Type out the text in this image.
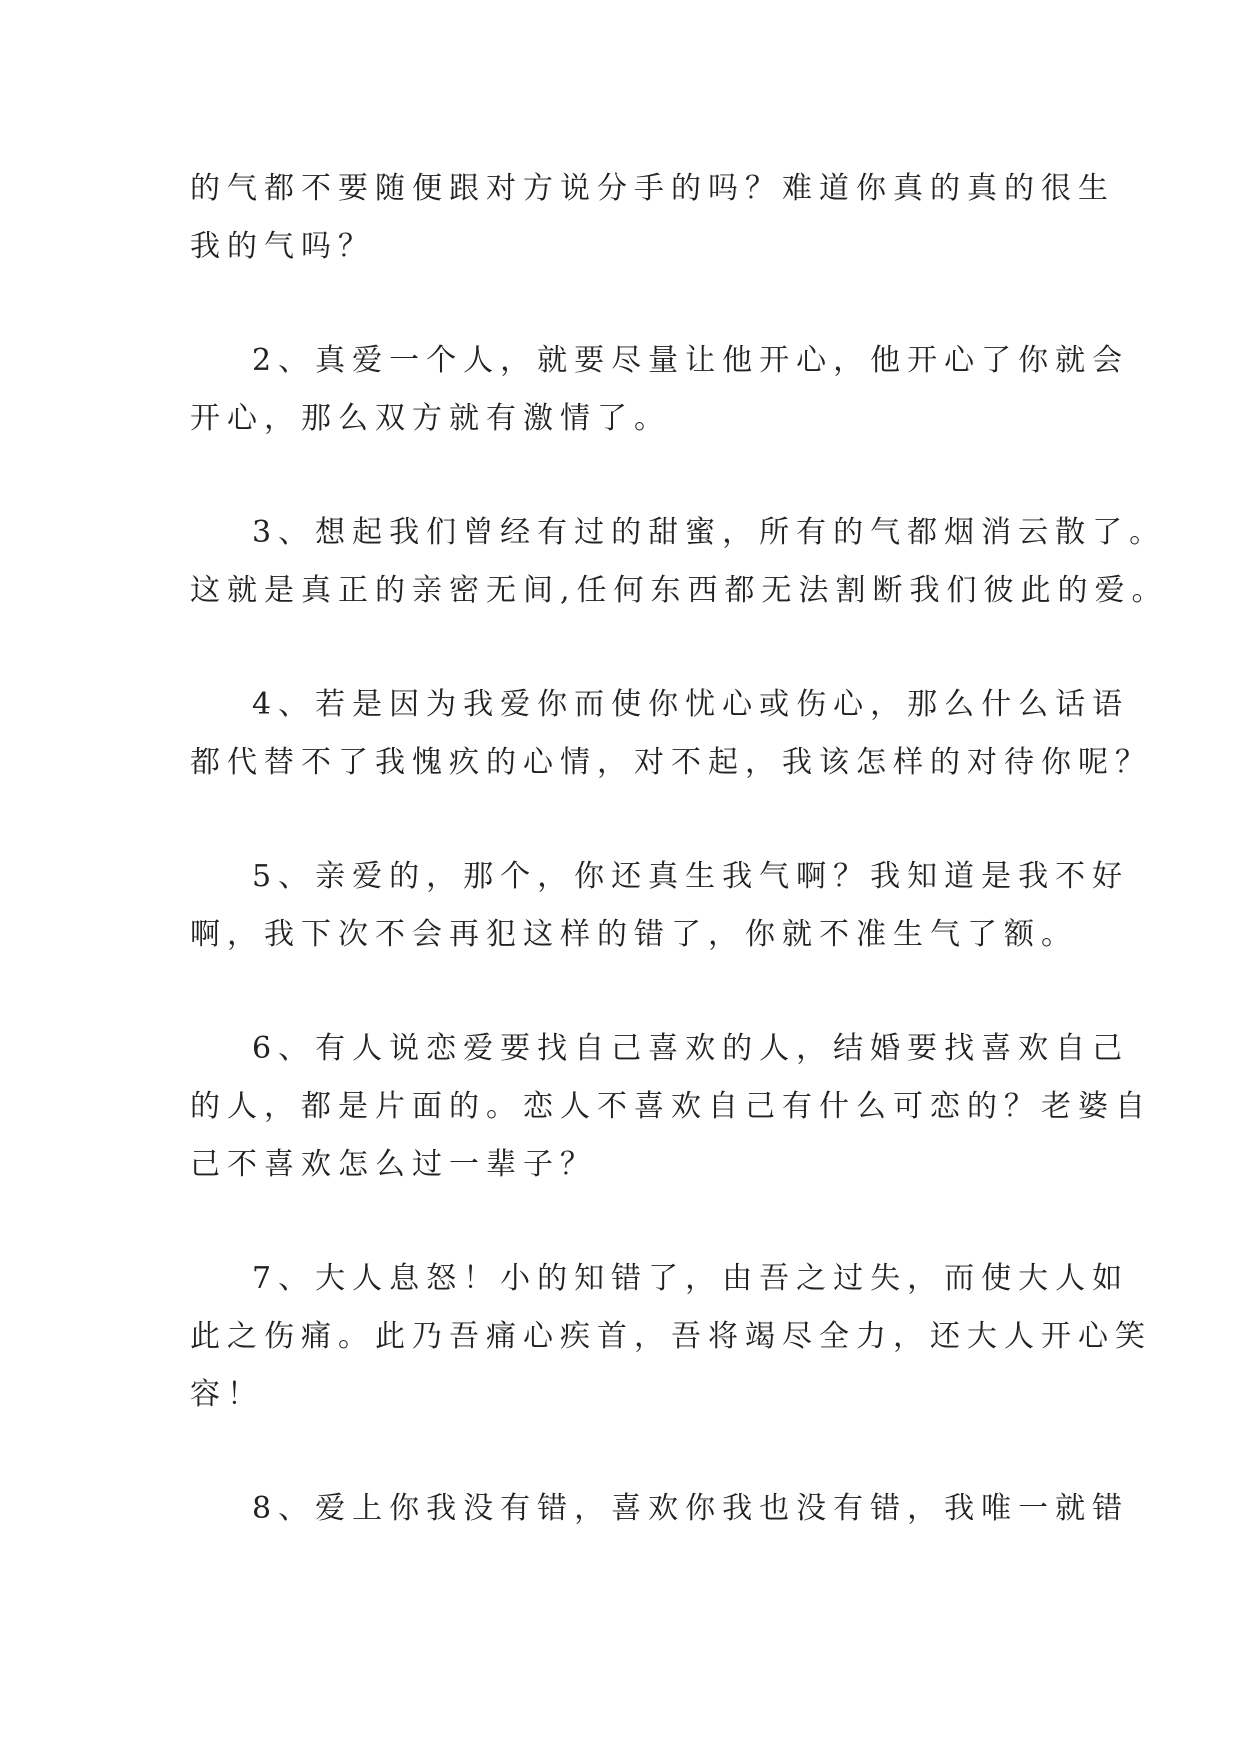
的气都不要随便跟对方说分手的吗？难道你真的真的很生

我的气吗？

2、真爱一个人，就要尽量让他开心，他开心了你就会

开心，那么双方就有激情了。

3、想起我们曾经有过的甜蜜，所有的气都烟消云散了。

这就是真正的亲密无间,任何东西都无法割断我们彼此的爱。

4、若是因为我爱你而使你忧心或伤心，那么什么话语

都代替不了我愧疚的心情，对不起，我该怎样的对待你呢？

5、亲爱的，那个，你还真生我气啊？我知道是我不好

啊，我下次不会再犯这样的错了，你就不准生气了额。

6、有人说恋爱要找自己喜欢的人，结婚要找喜欢自己

的人，都是片面的。恋人不喜欢自己有什么可恋的？老婆自

己不喜欢怎么过一辈子？

7、大人息怒！小的知错了，由吾之过失，而使大人如

此之伤痛。此乃吾痛心疾首，吾将竭尽全力，还大人开心笑

容！

8、爱上你我没有错，喜欢你我也没有错，我唯一就错
